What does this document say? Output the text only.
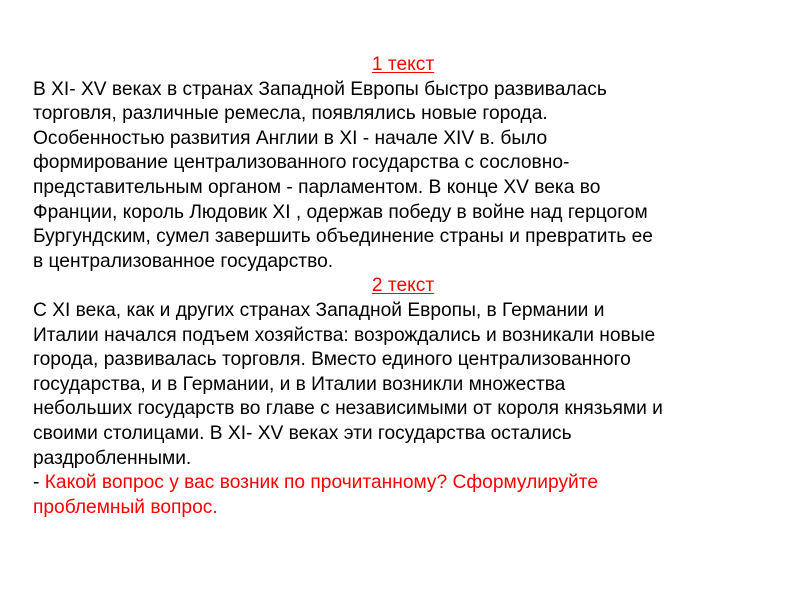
1 текст

В XI- XV веках в странах Западной Европы быстро развивалась
торговля, различные ремесла, появлялись новые города.
Особенностью развития Англии в XI - начале XIV в. было
формирование централизованного государства с сословно-
представительным органом - парламентом. В конце XV века во
Франции, король Людовик XI , одержав победу в войне над герцогом
Бургундским, сумел завершить объединение страны и превратить ее
в централизованное государство.

2 текст

С XI века, как и других странах Западной Европы, в Германии и
Италии начался подъем хозяйства: возрождались и возникали новые
города, развивалась торговля. Вместо единого централизованного
государства, и в Германии, и в Италии возникли множества
небольших государств во главе с независимыми от короля князьями и
своими столицами. В XI- XV веках эти государства остались
раздробленными.

- Какой вопрос у вас возник по прочитанному? Сформулируйте
проблемный вопрос.
